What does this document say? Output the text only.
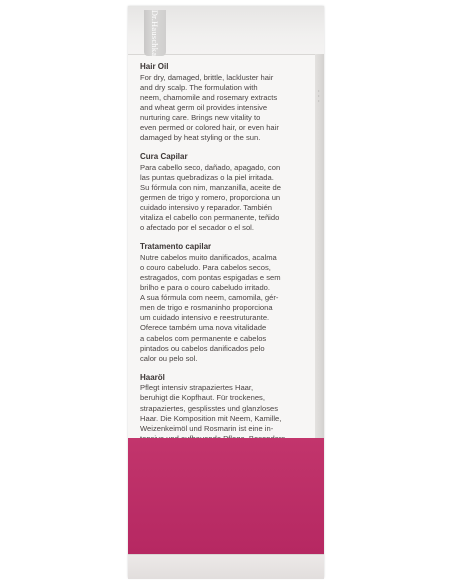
Dr.Hauschka
•
•
•
Hair Oil

For dry, damaged, brittle, lackluster hair
and dry scalp. The formulation with
neem, chamomile and rosemary extracts
and wheat germ oil provides intensive
nurturing care. Brings new vitality to
even permed or colored hair, or even hair
damaged by heat styling or the sun.

Cura Capilar

Para cabello seco, dañado, apagado, con
las puntas quebradizas o la piel irritada.
Su fórmula con nim, manzanilla, aceite de
germen de trigo y romero, proporciona un
cuidado intensivo y reparador. También
vitaliza el cabello con permanente, teñido
o afectado por el secador o el sol.

Tratamento capilar

Nutre cabelos muito danificados, acalma
o couro cabeludo. Para cabelos secos,
estragados, com pontas espigadas e sem
brilho e para o couro cabeludo irritado.
A sua fórmula com neem, camomila, gér-
men de trigo e rosmaninho proporciona
um cuidado intensivo e reestruturante.
Oferece também uma nova vitalidade
a cabelos com permanente e cabelos
pintados ou cabelos danificados pelo
calor ou pelo sol.

Haaröl

Pflegt intensiv strapaziertes Haar,
beruhigt die Kopfhaut. Für trockenes,
strapaziertes, gesplisstes und glanzloses
Haar. Die Komposition mit Neem, Kamille,
Weizenkeimöl und Rosmarin ist eine in-
